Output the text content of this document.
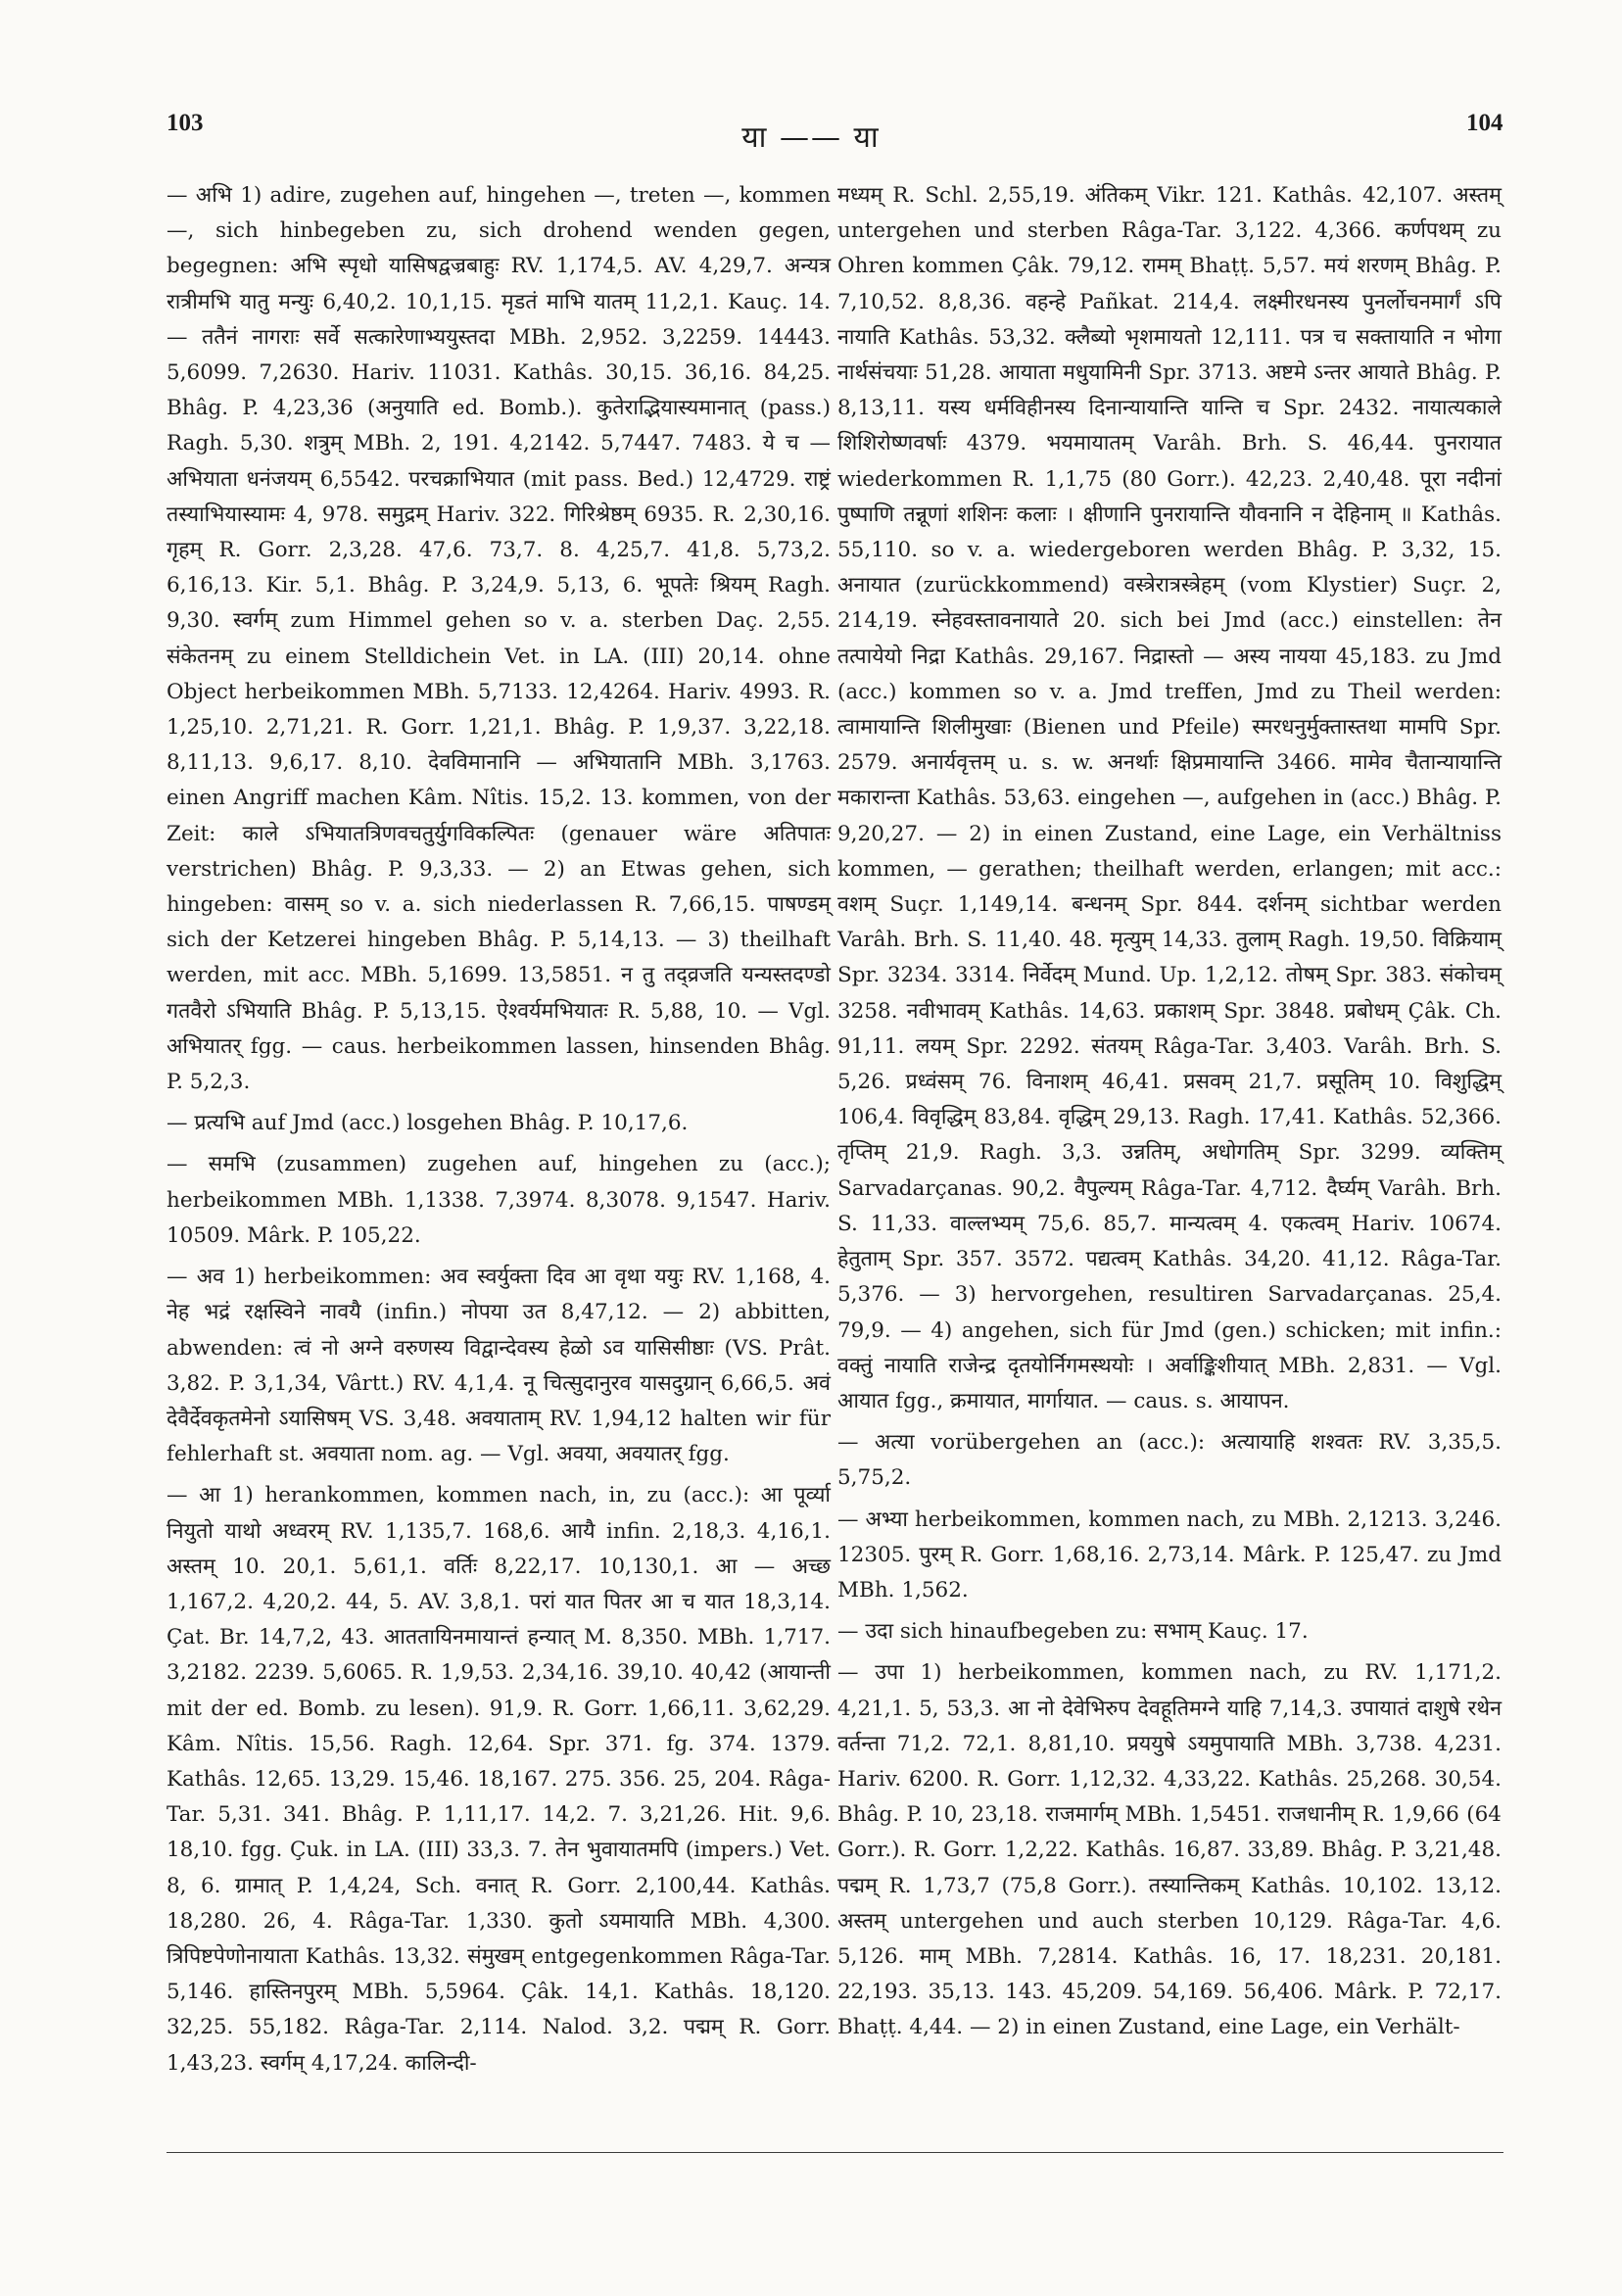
103	या —— या	104

— अभि 1) adire, zugehen auf, hingehen —, treten —, kommen —, sich hinbegeben zu, sich drohend wenden gegen, begegnen: अभि स्पृधो यासिषद्वज्रबाहुः RV. 1,174,5. AV. 4,29,7. अन्यत्र रात्रीमभि यातु मन्युः 6,40,2. 10,1,15. मृडतं माभि यातम् 11,2,1. Kauç. 14. — ततैनं नागराः सर्वे सत्कारेणाभ्ययुस्तदा MBh. 2,952. 3,2259. 14443. 5,6099. 7,2630. Hariv. 11031. Kathâs. 30,15. 36,16. 84,25. Bhâg. P. 4,23,36 (अनुयाति ed. Bomb.). कुतेराद्भियास्यमानात् (pass.) Ragh. 5,30. शत्रुम् MBh. 2, 191. 4,2142. 5,7447. 7483. ये च — अभियाता धनंजयम् 6,5542. परचक्राभियात (mit pass. Bed.) 12,4729. राष्ट्रं तस्याभियास्यामः 4, 978. समुद्रम् Hariv. 322. गिरिश्रेष्ठम् 6935. R. 2,30,16. गृहम् R. Gorr. 2,3,28. 47,6. 73,7. 8. 4,25,7. 41,8. 5,73,2. 6,16,13. Kir. 5,1. Bhâg. P. 3,24,9. 5,13, 6. भूपतेः श्रियम् Ragh. 9,30. स्वर्गम् zum Himmel gehen so v. a. sterben Daç. 2,55. संकेतनम् zu einem Stelldichein Vet. in LA. (III) 20,14. ohne Object herbeikommen MBh. 5,7133. 12,4264. Hariv. 4993. R. 1,25,10. 2,71,21. R. Gorr. 1,21,1. Bhâg. P. 1,9,37. 3,22,18. 8,11,13. 9,6,17. 8,10. देवविमानानि — अभियातानि MBh. 3,1763. einen Angriff machen Kâm. Nîtis. 15,2. 13. kommen, von der Zeit: काले ऽभियातत्रिणवचतुर्युगविकल्पितः (genauer wäre अतिपातः verstrichen) Bhâg. P. 9,3,33. — 2) an Etwas gehen, sich hingeben: वासम् so v. a. sich niederlassen R. 7,66,15. पाषण्डम् sich der Ketzerei hingeben Bhâg. P. 5,14,13. — 3) theilhaft werden, mit acc. MBh. 5,1699. 13,5851. न तु तद्व्रजति यन्यस्तदण्डो गतवैरो ऽभियाति Bhâg. P. 5,13,15. ऐश्वर्यमभियातः R. 5,88, 10. — Vgl. अभियातर् fgg. — caus. herbeikommen lassen, hinsenden Bhâg. P. 5,2,3.

— प्रत्यभि auf Jmd (acc.) losgehen Bhâg. P. 10,17,6.

— समभि (zusammen) zugehen auf, hingehen zu (acc.); herbeikommen MBh. 1,1338. 7,3974. 8,3078. 9,1547. Hariv. 10509. Mârk. P. 105,22.

— अव 1) herbeikommen: अव स्वर्युक्ता दिव आ वृथा ययुः RV. 1,168, 4. नेह भद्रं रक्षस्विने नावयै (infin.) नोपया उत 8,47,12. — 2) abbitten, abwenden: त्वं नो अग्ने वरुणस्य विद्वान्देवस्य हेळो ऽव यासिसीष्ठाः (VS. Prât. 3,82. P. 3,1,34, Vârtt.) RV. 4,1,4. नू चित्सुदानुरव यासदुग्रान् 6,66,5. अवं देवैर्देवकृतमेनो ऽयासिषम् VS. 3,48. अवयाताम् RV. 1,94,12 halten wir für fehlerhaft st. अवयाता nom. ag. — Vgl. अवया, अवयातर् fgg.

— आ 1) herankommen, kommen nach, in, zu (acc.): आ पूर्व्या नियुतो याथो अध्वरम् RV. 1,135,7. 168,6. आयै infin. 2,18,3. 4,16,1. अस्तम् 10. 20,1. 5,61,1. वर्तिः 8,22,17. 10,130,1. आ — अच्छ 1,167,2. 4,20,2. 44, 5. AV. 3,8,1. परां यात पितर आ च यात 18,3,14. Çat. Br. 14,7,2, 43. आततायिनमायान्तं हन्यात् M. 8,350. MBh. 1,717. 3,2182. 2239. 5,6065. R. 1,9,53. 2,34,16. 39,10. 40,42 (आयान्ती mit der ed. Bomb. zu lesen). 91,9. R. Gorr. 1,66,11. 3,62,29. Kâm. Nîtis. 15,56. Ragh. 12,64. Spr. 371. fg. 374. 1379. Kathâs. 12,65. 13,29. 15,46. 18,167. 275. 356. 25, 204. Râga-Tar. 5,31. 341. Bhâg. P. 1,11,17. 14,2. 7. 3,21,26. Hit. 9,6. 18,10. fgg. Çuk. in LA. (III) 33,3. 7. तेन भुवायातमपि (impers.) Vet. 8, 6. ग्रामात् P. 1,4,24, Sch. वनात् R. Gorr. 2,100,44. Kathâs. 18,280. 26, 4. Râga-Tar. 1,330. कुतो ऽयमायाति MBh. 4,300. त्रिपिष्टपेणोनायाता Kathâs. 13,32. संमुखम् entgegenkommen Râga-Tar. 5,146. हास्तिनपुरम् MBh. 5,5964. Çâk. 14,1. Kathâs. 18,120. 32,25. 55,182. Râga-Tar. 2,114. Nalod. 3,2. पद्मम् R. Gorr. 1,43,23. स्वर्गम् 4,17,24. कालिन्दी-

मध्यम् R. Schl. 2,55,19. अंतिकम् Vikr. 121. Kathâs. 42,107. अस्तम् untergehen und sterben Râga-Tar. 3,122. 4,366. कर्णपथम् zu Ohren kommen Çâk. 79,12. रामम् Bhaṭṭ. 5,57. मयं शरणम् Bhâg. P. 7,10,52. 8,8,36. वहन्हे Pañkat. 214,4. लक्ष्मीरधनस्य पुनर्लोचनमार्गं ऽपि नायाति Kathâs. 53,32. क्लैब्यो भृशमायतो 12,111. पत्र च सक्तायाति न भोगा नार्थसंचयाः 51,28. आयाता मधुयामिनी Spr. 3713. अष्टमे ऽन्तर आयाते Bhâg. P. 8,13,11. यस्य धर्मविहीनस्य दिनान्यायान्ति यान्ति च Spr. 2432. नायात्यकाले शिशिरोष्णवर्षाः 4379. भयमायातम् Varâh. Brh. S. 46,44. पुनरायात wiederkommen R. 1,1,75 (80 Gorr.). 42,23. 2,40,48. पूरा नदीनां पुष्पाणि तन्नूणां शशिनः कलाः । क्षीणानि पुनरायान्ति यौवनानि न देहिनाम् ॥ Kathâs. 55,110. so v. a. wiedergeboren werden Bhâg. P. 3,32, 15. अनायात (zurückkommend) वस्त्रेरात्रस्त्रेहम् (vom Klystier) Suçr. 2, 214,19. स्नेहवस्तावनायाते 20. sich bei Jmd (acc.) einstellen: तेन तत्पायेयो निद्रा Kathâs. 29,167. निद्रास्तो — अस्य नायया 45,183. zu Jmd (acc.) kommen so v. a. Jmd treffen, Jmd zu Theil werden: त्वामायान्ति शिलीमुखाः (Bienen und Pfeile) स्मरधनुर्मुक्तास्तथा मामपि Spr. 2579. अनार्यवृत्तम् u. s. w. अनर्थाः क्षिप्रमायान्ति 3466. मामेव चैतान्यायान्ति मकारान्ता Kathâs. 53,63. eingehen —, aufgehen in (acc.) Bhâg. P. 9,20,27. — 2) in einen Zustand, eine Lage, ein Verhältniss kommen, — gerathen; theilhaft werden, erlangen; mit acc.: वशम् Suçr. 1,149,14. बन्धनम् Spr. 844. दर्शनम् sichtbar werden Varâh. Brh. S. 11,40. 48. मृत्युम् 14,33. तुलाम् Ragh. 19,50. विक्रियाम् Spr. 3234. 3314. निर्वेदम् Mund. Up. 1,2,12. तोषम् Spr. 383. संकोचम् 3258. नवीभावम् Kathâs. 14,63. प्रकाशम् Spr. 3848. प्रबोधम् Çâk. Ch. 91,11. लयम् Spr. 2292. संतयम् Râga-Tar. 3,403. Varâh. Brh. S. 5,26. प्रध्वंसम् 76. विनाशम् 46,41. प्रसवम् 21,7. प्रसूतिम् 10. विशुद्धिम् 106,4. विवृद्धिम् 83,84. वृद्धिम् 29,13. Ragh. 17,41. Kathâs. 52,366. तृप्तिम् 21,9. Ragh. 3,3. उन्नतिम्, अधोगतिम् Spr. 3299. व्यक्तिम् Sarvadarçanas. 90,2. वैपुल्यम् Râga-Tar. 4,712. दैर्घ्यम् Varâh. Brh. S. 11,33. वाल्लभ्यम् 75,6. 85,7. मान्यत्वम् 4. एकत्वम् Hariv. 10674. हेतुताम् Spr. 357. 3572. पद्यत्वम् Kathâs. 34,20. 41,12. Râga-Tar. 5,376. — 3) hervorgehen, resultiren Sarvadarçanas. 25,4. 79,9. — 4) angehen, sich für Jmd (gen.) schicken; mit infin.: वक्तुं नायाति राजेन्द्र दृतयोर्निगमस्थयोः । अर्वाङ्किशीयात् MBh. 2,831. — Vgl. आयात fgg., क्रमायात, मार्गायात. — caus. s. आयापन.

— अत्या vorübergehen an (acc.): अत्यायाहि शश्वतः RV. 3,35,5. 5,75,2.

— अभ्या herbeikommen, kommen nach, zu MBh. 2,1213. 3,246. 12305. पुरम् R. Gorr. 1,68,16. 2,73,14. Mârk. P. 125,47. zu Jmd MBh. 1,562.

— उदा sich hinaufbegeben zu: सभाम् Kauç. 17.

— उपा 1) herbeikommen, kommen nach, zu RV. 1,171,2. 4,21,1. 5, 53,3. आ नो देवेभिरुप देवहूतिमग्ने याहि 7,14,3. उपायातं दाशुषे रथेन वर्तन्ता 71,2. 72,1. 8,81,10. प्रययुषे ऽयमुपायाति MBh. 3,738. 4,231. Hariv. 6200. R. Gorr. 1,12,32. 4,33,22. Kathâs. 25,268. 30,54. Bhâg. P. 10, 23,18. राजमार्गम् MBh. 1,5451. राजधानीम् R. 1,9,66 (64 Gorr.). R. Gorr. 1,2,22. Kathâs. 16,87. 33,89. Bhâg. P. 3,21,48. पद्मम् R. 1,73,7 (75,8 Gorr.). तस्यान्तिकम् Kathâs. 10,102. 13,12. अस्तम् untergehen und auch sterben 10,129. Râga-Tar. 4,6. 5,126. माम् MBh. 7,2814. Kathâs. 16, 17. 18,231. 20,181. 22,193. 35,13. 143. 45,209. 54,169. 56,406. Mârk. P. 72,17. Bhaṭṭ. 4,44. — 2) in einen Zustand, eine Lage, ein Verhält-
